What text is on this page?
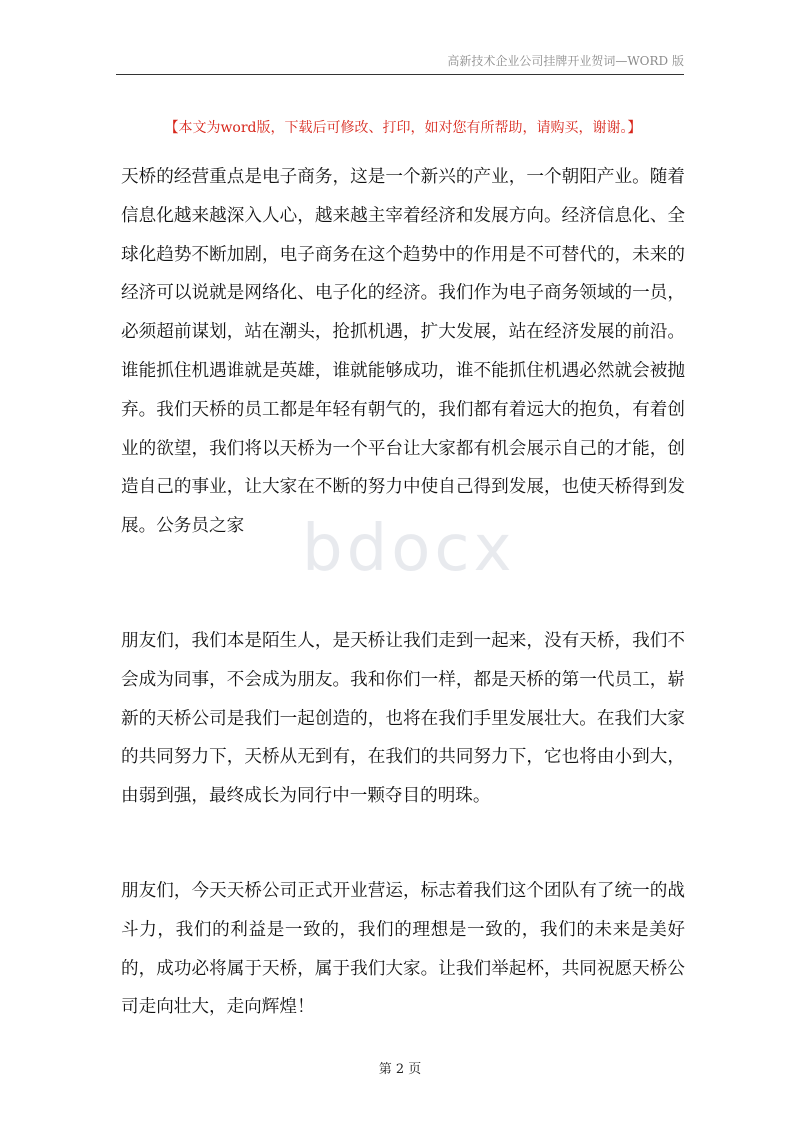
高新技术企业公司挂牌开业贺词—WORD 版
【本文为word版，下载后可修改、打印，如对您有所帮助，请购买，谢谢。】
bdocx

天桥的经营重点是电子商务，这是一个新兴的产业，一个朝阳产业。随着信息化越来越深入人心，越来越主宰着经济和发展方向。经济信息化、全球化趋势不断加剧，电子商务在这个趋势中的作用是不可替代的，未来的经济可以说就是网络化、电子化的经济。我们作为电子商务领域的一员，必须超前谋划，站在潮头，抢抓机遇，扩大发展，站在经济发展的前沿。谁能抓住机遇谁就是英雄，谁就能够成功，谁不能抓住机遇必然就会被抛弃。我们天桥的员工都是年轻有朝气的，我们都有着远大的抱负，有着创业的欲望，我们将以天桥为一个平台让大家都有机会展示自己的才能，创造自己的事业，让大家在不断的努力中使自己得到发展，也使天桥得到发展。公务员之家

朋友们，我们本是陌生人，是天桥让我们走到一起来，没有天桥，我们不会成为同事，不会成为朋友。我和你们一样，都是天桥的第一代员工，崭新的天桥公司是我们一起创造的，也将在我们手里发展壮大。在我们大家的共同努力下，天桥从无到有，在我们的共同努力下，它也将由小到大，由弱到强，最终成长为同行中一颗夺目的明珠。

朋友们，今天天桥公司正式开业营运，标志着我们这个团队有了统一的战斗力，我们的利益是一致的，我们的理想是一致的，我们的未来是美好的，成功必将属于天桥，属于我们大家。让我们举起杯，共同祝愿天桥公司走向壮大，走向辉煌！

第 2 页
